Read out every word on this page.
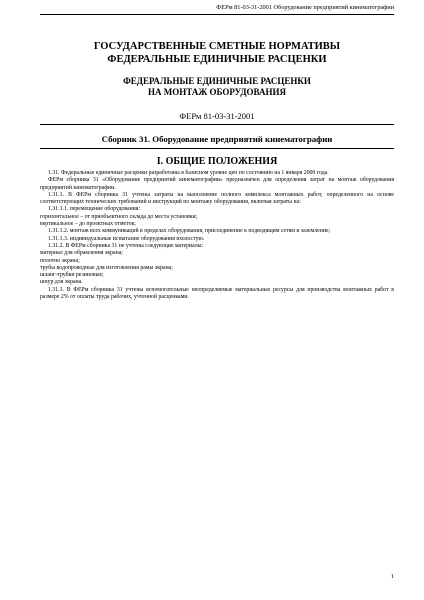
ФЕРм 81-03-31-2001 Оборудование предприятий кинематографии
ГОСУДАРСТВЕННЫЕ СМЕТНЫЕ НОРМАТИВЫ
ФЕДЕРАЛЬНЫЕ ЕДИНИЧНЫЕ РАСЦЕНКИ
ФЕДЕРАЛЬНЫЕ ЕДИНИЧНЫЕ РАСЦЕНКИ
НА МОНТАЖ ОБОРУДОВАНИЯ
ФЕРм 81-03-31-2001
Сборник 31. Оборудование предприятий кинематографии
I. ОБЩИЕ ПОЛОЖЕНИЯ

1.31. Федеральные единичные расценки разработаны в базисном уровне цен по состоянию на 1 января 2000 года.

ФЕРм сборника 31 «Оборудование предприятий кинематографии» предназначен для определения затрат на монтаж оборудования предприятий кинематографии.

1.31.1. В ФЕРм сборника 31 учтены затраты на выполнение полного комплекса монтажных работ, определенного на основе соответствующих технических требований и инструкций по монтажу оборудования, включая затраты на:

1.31.1.1. перемещение оборудования:

горизонтальное – от приобъектного склада до места установки;

вертикальное – до проектных отметок;

1.31.1.2. монтаж всех коммуникаций в пределах оборудования, присоединение к подводящим сетям и заземление;

1.31.1.3. индивидуальные испытание оборудования вхолостую.

1.31.2. В ФЕРм сборника 31 не учтены следующие материалы:

материал для обрамления экрана;

полотно экрана;

трубы водопроводные для изготовления рамы экрана;

шланг-трубки резиновые;

шнур для экрана.

1.31.3. В ФЕРм сборника 31 учтены вспомогательные неопределяемые материальные ресурсы для производства монтажных работ в размере 2% от оплаты труда рабочих, учтенной расценками.

1
